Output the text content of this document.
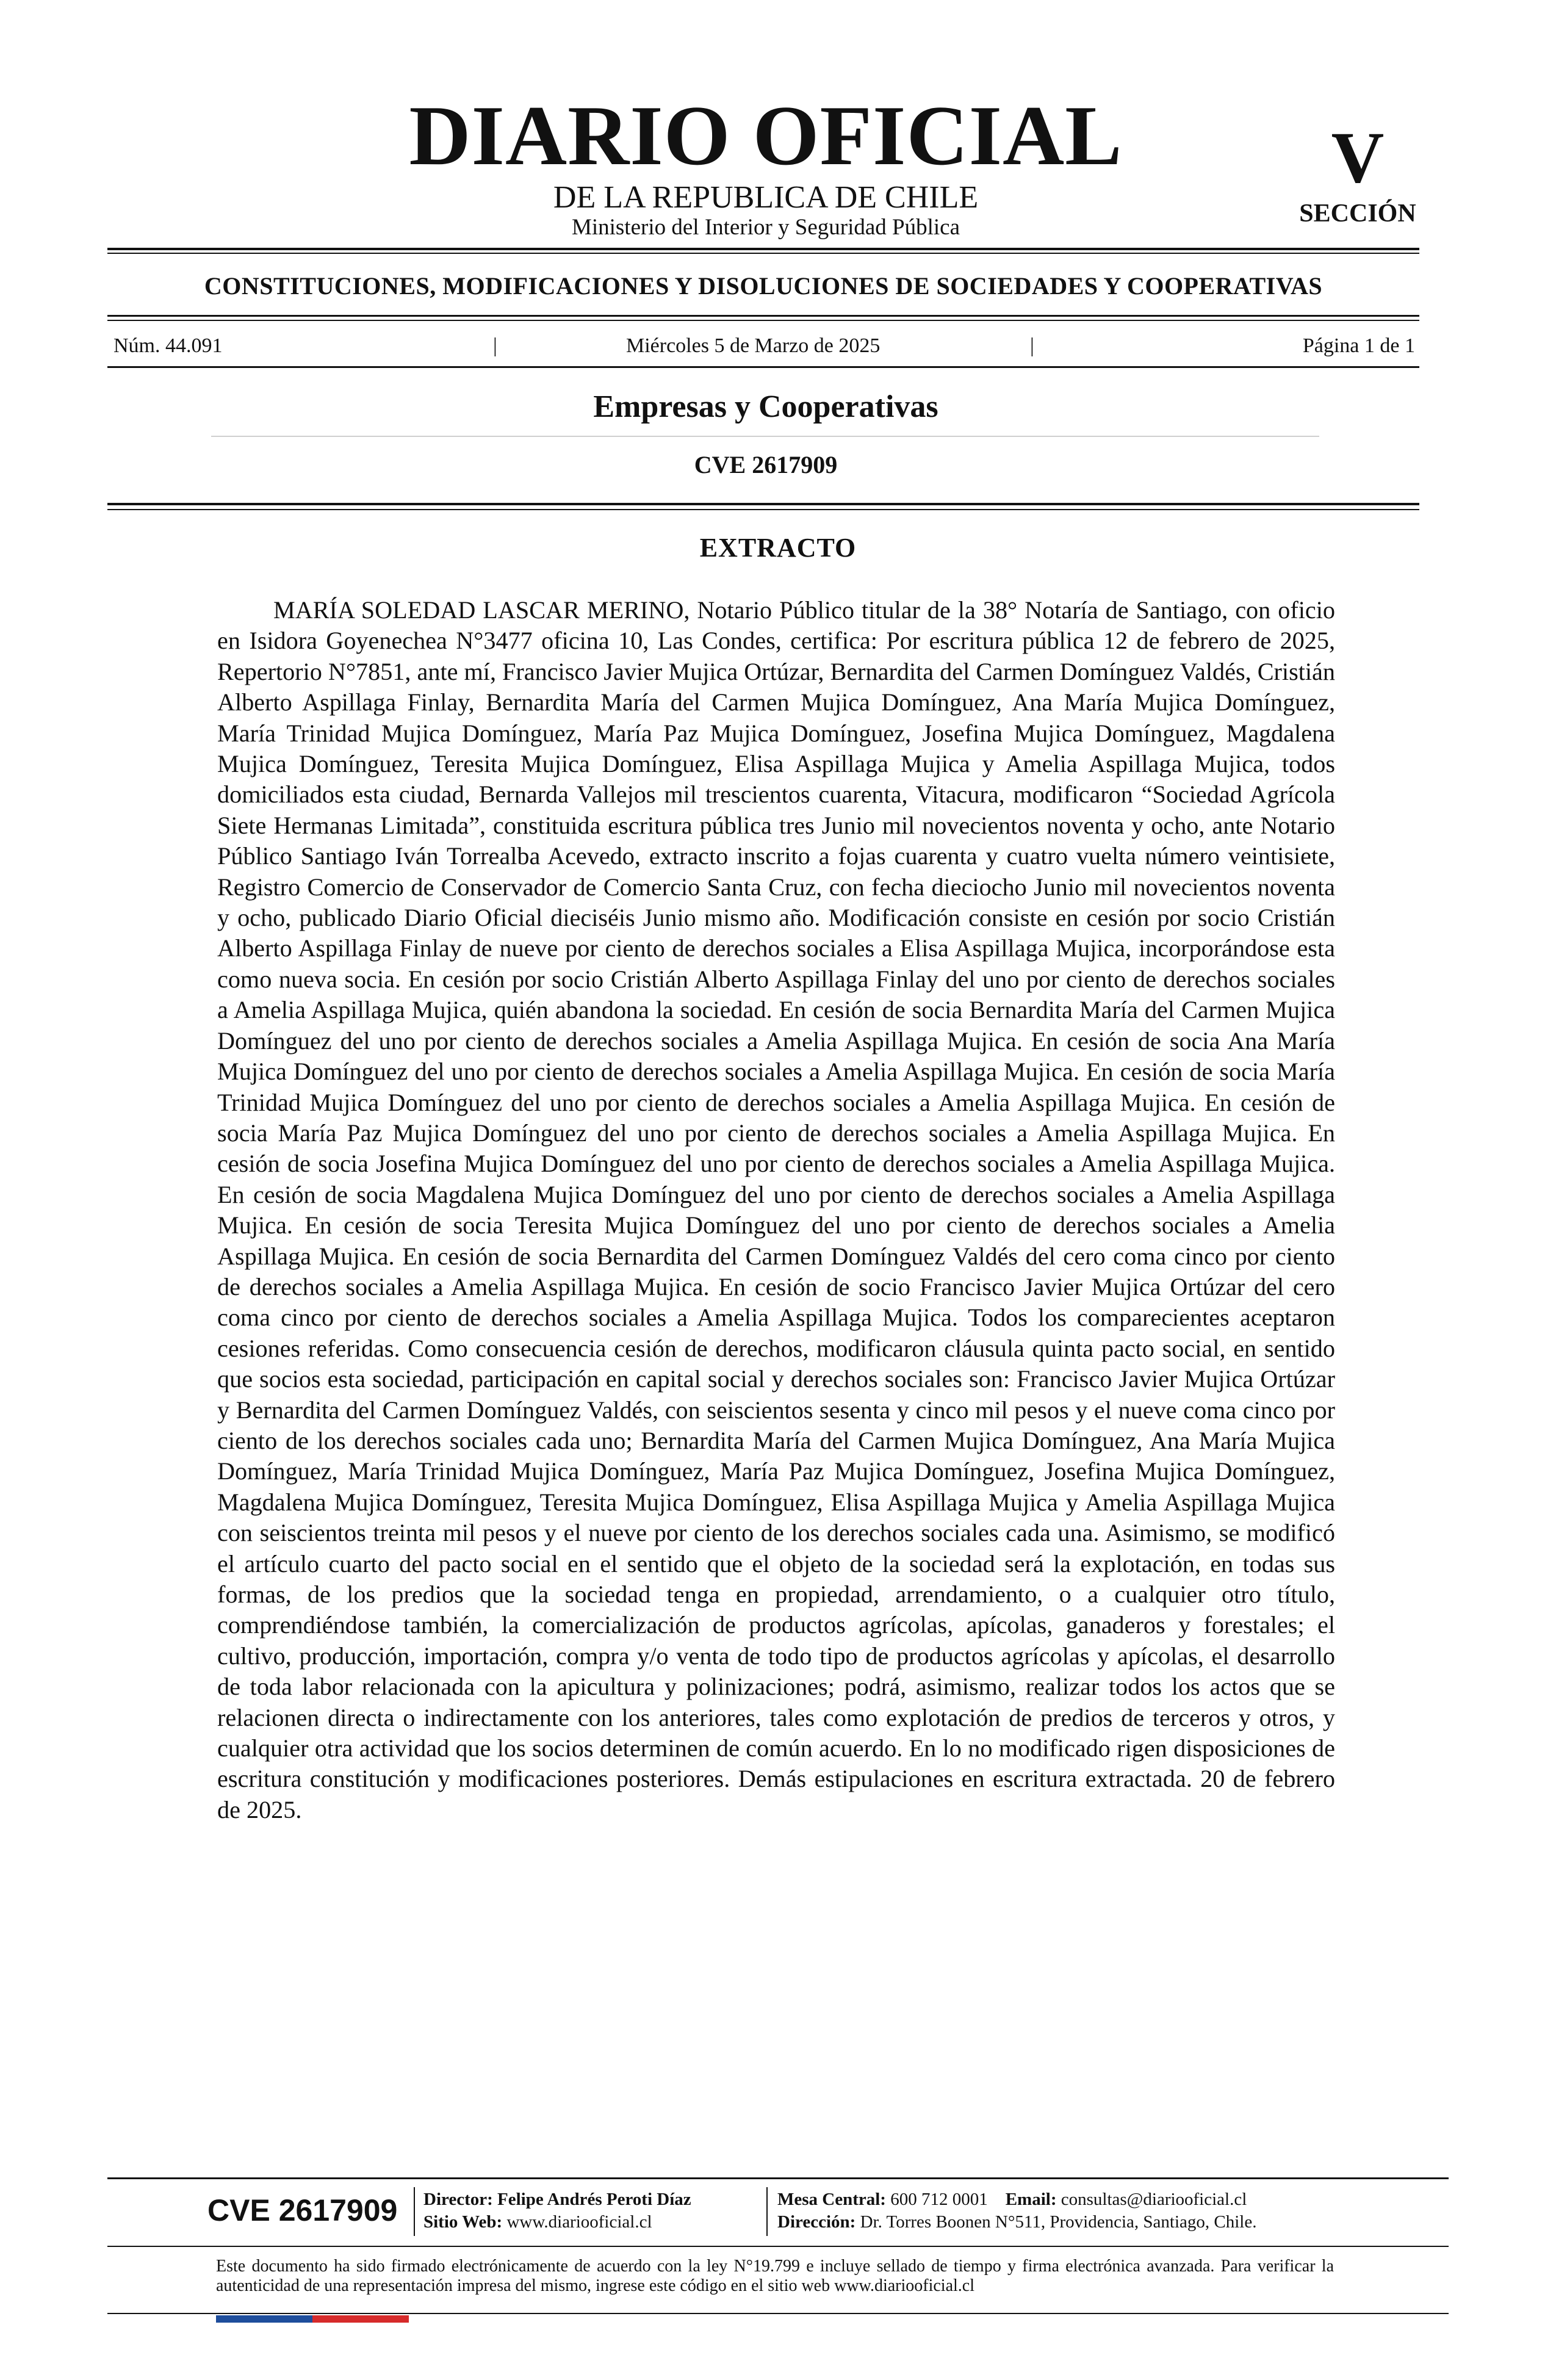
DIARIO OFICIAL
DE LA REPUBLICA DE CHILE
Ministerio del Interior y Seguridad Pública
V
SECCIÓN
CONSTITUCIONES, MODIFICACIONES Y DISOLUCIONES DE SOCIEDADES Y COOPERATIVAS
Núm. 44.091	|	Miércoles 5 de Marzo de 2025	|	Página 1 de 1
Empresas y Cooperativas
CVE 2617909
EXTRACTO
MARÍA SOLEDAD LASCAR MERINO, Notario Público titular de la 38° Notaría de Santiago, con oficio en Isidora Goyenechea N°3477 oficina 10, Las Condes, certifica: Por escritura pública 12 de febrero de 2025, Repertorio N°7851, ante mí, Francisco Javier Mujica Ortúzar, Bernardita del Carmen Domínguez Valdés, Cristián Alberto Aspillaga Finlay, Bernardita María del Carmen Mujica Domínguez, Ana María Mujica Domínguez, María Trinidad Mujica Domínguez, María Paz Mujica Domínguez, Josefina Mujica Domínguez, Magdalena Mujica Domínguez, Teresita Mujica Domínguez, Elisa Aspillaga Mujica y Amelia Aspillaga Mujica, todos domiciliados esta ciudad, Bernarda Vallejos mil trescientos cuarenta, Vitacura, modificaron “Sociedad Agrícola Siete Hermanas Limitada”, constituida escritura pública tres Junio mil novecientos noventa y ocho, ante Notario Público Santiago Iván Torrealba Acevedo, extracto inscrito a fojas cuarenta y cuatro vuelta número veintisiete, Registro Comercio de Conservador de Comercio Santa Cruz, con fecha dieciocho Junio mil novecientos noventa y ocho, publicado Diario Oficial dieciséis Junio mismo año. Modificación consiste en cesión por socio Cristián Alberto Aspillaga Finlay de nueve por ciento de derechos sociales a Elisa Aspillaga Mujica, incorporándose esta como nueva socia. En cesión por socio Cristián Alberto Aspillaga Finlay del uno por ciento de derechos sociales a Amelia Aspillaga Mujica, quién abandona la sociedad. En cesión de socia Bernardita María del Carmen Mujica Domínguez del uno por ciento de derechos sociales a Amelia Aspillaga Mujica. En cesión de socia Ana María Mujica Domínguez del uno por ciento de derechos sociales a Amelia Aspillaga Mujica. En cesión de socia María Trinidad Mujica Domínguez del uno por ciento de derechos sociales a Amelia Aspillaga Mujica. En cesión de socia María Paz Mujica Domínguez del uno por ciento de derechos sociales a Amelia Aspillaga Mujica. En cesión de socia Josefina Mujica Domínguez del uno por ciento de derechos sociales a Amelia Aspillaga Mujica. En cesión de socia Magdalena Mujica Domínguez del uno por ciento de derechos sociales a Amelia Aspillaga Mujica. En cesión de socia Teresita Mujica Domínguez del uno por ciento de derechos sociales a Amelia Aspillaga Mujica. En cesión de socia Bernardita del Carmen Domínguez Valdés del cero coma cinco por ciento de derechos sociales a Amelia Aspillaga Mujica. En cesión de socio Francisco Javier Mujica Ortúzar del cero coma cinco por ciento de derechos sociales a Amelia Aspillaga Mujica. Todos los comparecientes aceptaron cesiones referidas. Como consecuencia cesión de derechos, modificaron cláusula quinta pacto social, en sentido que socios esta sociedad, participación en capital social y derechos sociales son: Francisco Javier Mujica Ortúzar y Bernardita del Carmen Domínguez Valdés, con seiscientos sesenta y cinco mil pesos y el nueve coma cinco por ciento de los derechos sociales cada uno; Bernardita María del Carmen Mujica Domínguez, Ana María Mujica Domínguez, María Trinidad Mujica Domínguez, María Paz Mujica Domínguez, Josefina Mujica Domínguez, Magdalena Mujica Domínguez, Teresita Mujica Domínguez, Elisa Aspillaga Mujica y Amelia Aspillaga Mujica con seiscientos treinta mil pesos y el nueve por ciento de los derechos sociales cada una. Asimismo, se modificó el artículo cuarto del pacto social en el sentido que el objeto de la sociedad será la explotación, en todas sus formas, de los predios que la sociedad tenga en propiedad, arrendamiento, o a cualquier otro título, comprendiéndose también, la comercialización de productos agrícolas, apícolas, ganaderos y forestales; el cultivo, producción, importación, compra y/o venta de todo tipo de productos agrícolas y apícolas, el desarrollo de toda labor relacionada con la apicultura y polinizaciones; podrá, asimismo, realizar todos los actos que se relacionen directa o indirectamente con los anteriores, tales como explotación de predios de terceros y otros, y cualquier otra actividad que los socios determinen de común acuerdo. En lo no modificado rigen disposiciones de escritura constitución y modificaciones posteriores. Demás estipulaciones en escritura extractada. 20 de febrero de 2025.
CVE 2617909 Director: Felipe Andrés Peroti Díaz
Sitio Web: www.diariooficial.cl
Mesa Central: 600 712 0001 Email: consultas@diariooficial.cl
Dirección: Dr. Torres Boonen N°511, Providencia, Santiago, Chile.
Este documento ha sido firmado electrónicamente de acuerdo con la ley N°19.799 e incluye sellado de tiempo y firma electrónica avanzada. Para verificar la autenticidad de una representación impresa del mismo, ingrese este código en el sitio web www.diariooficial.cl
